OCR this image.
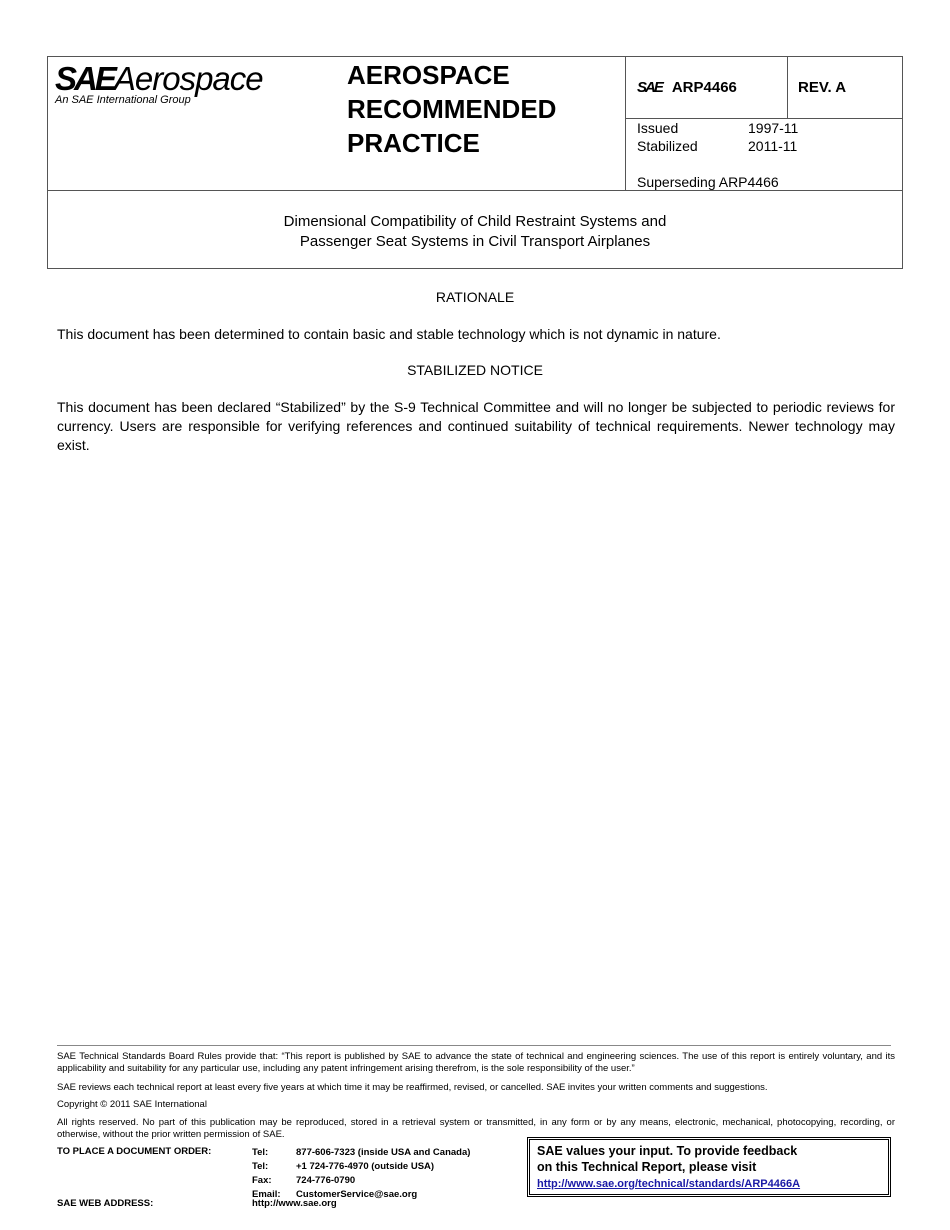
SAEAerospace
An SAE International Group
AEROSPACE
RECOMMENDED
PRACTICE
SAE ARP4466	REV. A
Issued	1997-11
Stabilized	2011-11
Superseding ARP4466
Dimensional Compatibility of Child Restraint Systems and
Passenger Seat Systems in Civil Transport Airplanes
RATIONALE
This document has been determined to contain basic and stable technology which is not dynamic in nature.
STABILIZED NOTICE
This document has been declared “Stabilized” by the S-9 Technical Committee and will no longer be subjected to periodic reviews for currency. Users are responsible for verifying references and continued suitability of technical requirements. Newer technology may exist.
SAE Technical Standards Board Rules provide that: “This report is published by SAE to advance the state of technical and engineering sciences. The use of this report is entirely voluntary, and its applicability and suitability for any particular use, including any patent infringement arising therefrom, is the sole responsibility of the user.”
SAE reviews each technical report at least every five years at which time it may be reaffirmed, revised, or cancelled. SAE invites your written comments and suggestions.
Copyright © 2011 SAE International
All rights reserved. No part of this publication may be reproduced, stored in a retrieval system or transmitted, in any form or by any means, electronic, mechanical, photocopying, recording, or otherwise, without the prior written permission of SAE.
TO PLACE A DOCUMENT ORDER:	Tel:	877-606-7323 (inside USA and Canada)
Tel:	+1 724-776-4970 (outside USA)
Fax:	724-776-0790
Email: CustomerService@sae.org
SAE WEB ADDRESS:	http://www.sae.org
SAE values your input. To provide feedback
on this Technical Report, please visit
http://www.sae.org/technical/standards/ARP4466A
